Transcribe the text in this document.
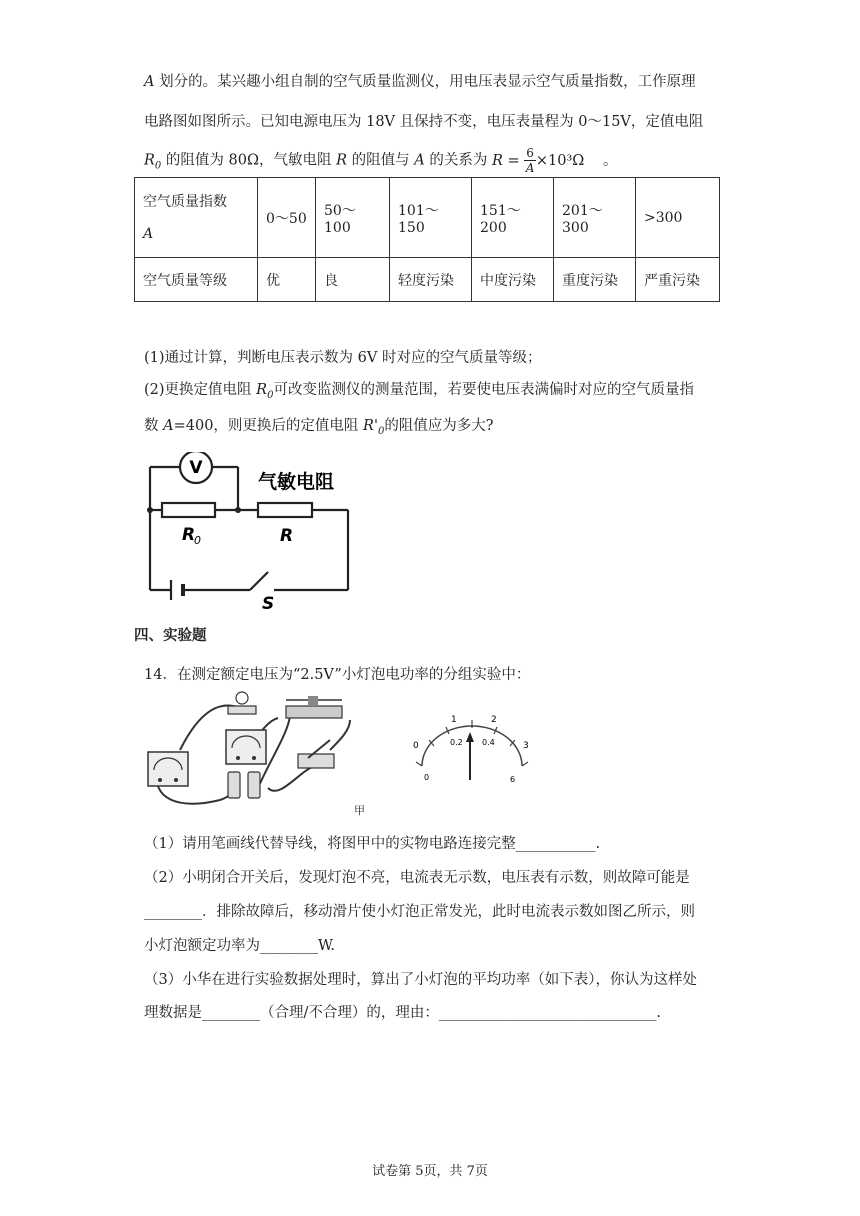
A 划分的。某兴趣小组自制的空气质量监测仪，用电压表显示空气质量指数，工作原理
电路图如图所示。已知电源电压为 18V 且保持不变，电压表量程为 0～15V，定值电阻
$R_0$ 的阻值为 80Ω，气敏电阻 R 的阻值与 A 的关系为 $R = \frac{6}{A} \times 10^3\Omega$ 。
空气质量指数
A	0～50	50～100	101～150	151～200	201～300	>300
空气质量等级	优	良	轻度污染	中度污染	重度污染	严重污染
(1)通过计算，判断电压表示数为 6V 时对应的空气质量等级；
(2)更换定值电阻 $R_0$可改变监测仪的测量范围，若要使电压表满偏时对应的空气质量指
数 A=400，则更换后的定值电阻 $R'_0$的阻值应为多大?
V
气敏电阻
R
0	R
S
四、实验题
14．在测定额定电压为“2.5V”小灯泡电功率的分组实验中：
甲
1	2
0	3
0.2 0.4
0	6
（1）请用笔画线代替导线，将图甲中的实物电路连接完整___________.
（2）小明闭合开关后，发现灯泡不亮，电流表无示数，电压表有示数，则故障可能是
________．排除故障后，移动滑片使小灯泡正常发光，此时电流表示数如图乙所示，则
小灯泡额定功率为________W.
（3）小华在进行实验数据处理时，算出了小灯泡的平均功率（如下表），你认为这样处
理数据是________（合理/不合理）的，理由：______________________________.
试卷第 5页，共 7页
